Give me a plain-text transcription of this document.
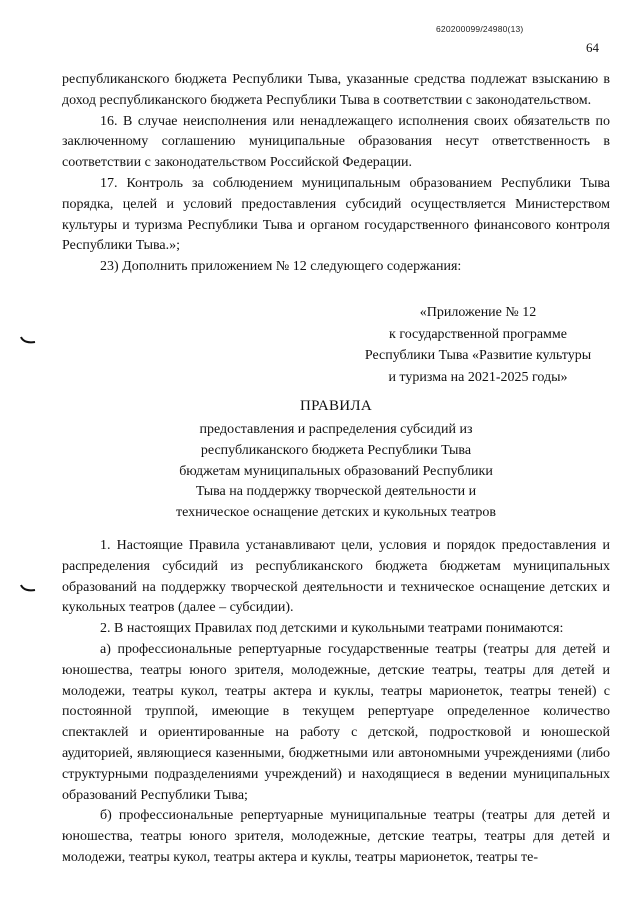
620200099/24980(13)
64

республиканского бюджета Республики Тыва, указанные средства подлежат взысканию в доход республиканского бюджета Республики Тыва в соответствии с законодательством.

16. В случае неисполнения или ненадлежащего исполнения своих обязательств по заключенному соглашению муниципальные образования несут ответственность в соответствии с законодательством Российской Федерации.

17. Контроль за соблюдением муниципальным образованием Республики Тыва порядка, целей и условий предоставления субсидий осуществляется Министерством культуры и туризма Республики Тыва и органом государственного финансового контроля Республики Тыва.»;

23) Дополнить приложением № 12 следующего содержания:

«Приложение № 12
к государственной программе
Республики Тыва «Развитие культуры
и туризма на 2021-2025 годы»
ПРАВИЛА
предоставления и распределения субсидий из
республиканского бюджета Республики Тыва
бюджетам муниципальных образований Республики
Тыва на поддержку творческой деятельности и
техническое оснащение детских и кукольных театров

1. Настоящие Правила устанавливают цели, условия и порядок предоставления и распределения субсидий из республиканского бюджета бюджетам муниципальных образований на поддержку творческой деятельности и техническое оснащение детских и кукольных театров (далее – субсидии).

2. В настоящих Правилах под детскими и кукольными театрами понимаются:

а) профессиональные репертуарные государственные театры (театры для детей и юношества, театры юного зрителя, молодежные, детские театры, театры для детей и молодежи, театры кукол, театры актера и куклы, театры марионеток, театры теней) с постоянной труппой, имеющие в текущем репертуаре определенное количество спектаклей и ориентированные на работу с детской, подростковой и юношеской аудиторией, являющиеся казенными, бюджетными или автономными учреждениями (либо структурными подразделениями учреждений) и находящиеся в ведении муниципальных образований Республики Тыва;

б) профессиональные репертуарные муниципальные театры (театры для детей и юношества, театры юного зрителя, молодежные, детские театры, театры для детей и молодежи, театры кукол, театры актера и куклы, театры марионеток, театры те-
